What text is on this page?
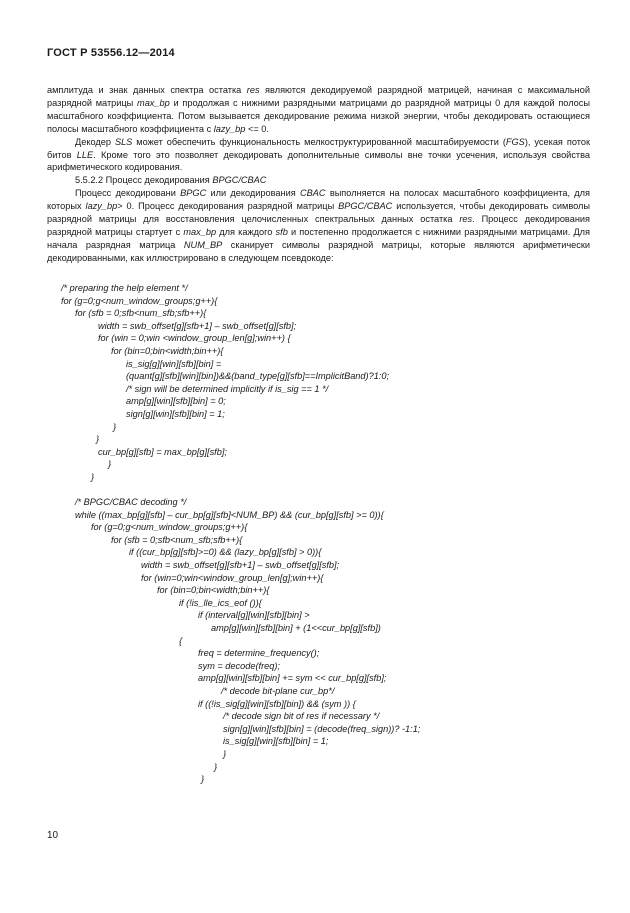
ГОСТ Р 53556.12—2014

амплитуда и знак данных спектра остатка res являются декодируемой разрядной матрицей, начиная с максимальной разрядной матрицы max_bp и продолжая с нижними разрядными матрицами до разрядной матрицы 0 для каждой полосы масштабного коэффициента. Потом вызывается декодирование режима низкой энергии, чтобы декодировать остающиеся полосы масштабного коэффициента с lazy_bp <= 0.

Декодер SLS может обеспечить функциональность мелкоструктурированной масштабируемости (FGS), усекая поток битов LLE. Кроме того это позволяет декодировать дополнительные символы вне точки усечения, используя свойства арифметического кодирования.

5.5.2.2 Процесс декодирования BPGC/CBAC

Процесс декодировани BPGC или декодирования CBAC выполняется на полосах масштабного коэффициента, для которых lazy_bp> 0. Процесс декодирования разрядной матрицы BPGC/CBAC используется, чтобы декодировать символы разрядной матрицы для восстановления целочисленных спектральных данных остатка res. Процесс декодирования разрядной матрицы стартует с max_bp для каждого sfb и постепенно продолжается с нижними разрядными матрицами. Для начала разрядная матрица NUM_BP сканирует символы разрядной матрицы, которые являются арифметически декодированными, как иллюстрировано в следующем псевдокоде:

/* preparing the help element */
for (g=0;g<num_window_groups;g++){
for (sfb = 0;sfb<num_sfb;sfb++){
width = swb_offset[g][sfb+1] – swb_offset[g][sfb];
for (win = 0;win <window_group_len[g];win++) {
for (bin=0;bin<width;bin++){
is_sig[g][win][sfb][bin] =
(quant[g][sfb][win][bin])&&(band_type[g][sfb]==ImplicitBand)?1:0;
/* sign will be determined implicitly if is_sig == 1 */
amp[g][win][sfb][bin] = 0;
sign[g][win][sfb][bin] = 1;
}
}
cur_bp[g][sfb] = max_bp[g][sfb];
}
}
/* BPGC/CBAC decoding */
while ((max_bp[g][sfb] – cur_bp[g][sfb]<NUM_BP) && (cur_bp[g][sfb] >= 0)){
for (g=0;g<num_window_groups;g++){
for (sfb = 0;sfb<num_sfb;sfb++){
if ((cur_bp[g][sfb]>=0) && (lazy_bp[g][sfb] > 0)){
width = swb_offset[g][sfb+1] – swb_offset[g][sfb];
for (win=0;win<window_group_len[g];win++){
for (bin=0;bin<width;bin++){
if (!is_lle_ics_eof ()){
if (interval[g][win][sfb][bin] >
amp[g][win][sfb][bin] + (1<<cur_bp[g][sfb])
{
freq = determine_frequency();
sym = decode(freq);
amp[g][win][sfb][bin] += sym << cur_bp[g][sfb];
/* decode bit-plane cur_bp*/
if ((!is_sig[g][win][sfb][bin]) && (sym )) {
/* decode sign bit of res if necessary */
sign[g][win][sfb][bin] = (decode(freq_sign))? -1:1;
is_sig[g][win][sfb][bin] = 1;
}
}
}
10
